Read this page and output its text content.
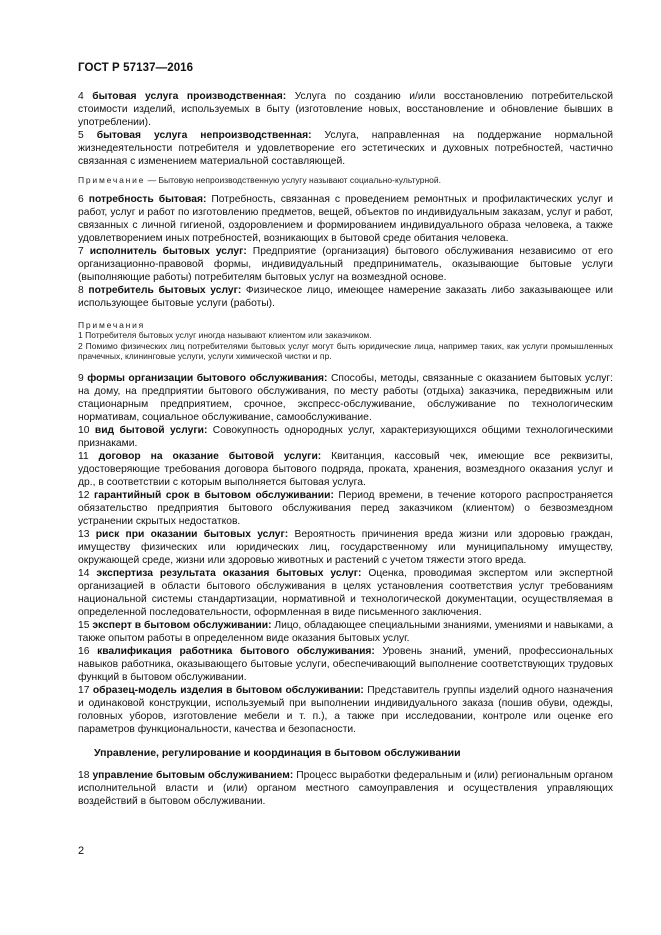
ГОСТ Р 57137—2016

4 бытовая услуга производственная: Услуга по созданию и/или восстановлению потребительской стоимости изделий, используемых в быту (изготовление новых, восстановление и обновление бывших в употреблении).

5 бытовая услуга непроизводственная: Услуга, направленная на поддержание нормальной жизнедеятельности потребителя и удовлетворение его эстетических и духовных потребностей, частично связанная с изменением материальной составляющей.

Примечание — Бытовую непроизводственную услугу называют социально-культурной.

6 потребность бытовая: Потребность, связанная с проведением ремонтных и профилактических услуг и работ, услуг и работ по изготовлению предметов, вещей, объектов по индивидуальным заказам, услуг и работ, связанных с личной гигиеной, оздоровлением и формированием индивидуального образа человека, а также удовлетворением иных потребностей, возникающих в бытовой среде обитания человека.

7 исполнитель бытовых услуг: Предприятие (организация) бытового обслуживания независимо от его организационно-правовой формы, индивидуальный предприниматель, оказывающие бытовые услуги (выполняющие работы) потребителям бытовых услуг на возмездной основе.

8 потребитель бытовых услуг: Физическое лицо, имеющее намерение заказать либо заказывающее или использующее бытовые услуги (работы).

Примечания

1 Потребителя бытовых услуг иногда называют клиентом или заказчиком.

2 Помимо физических лиц потребителями бытовых услуг могут быть юридические лица, например таких, как услуги промышленных прачечных, клининговые услуги, услуги химической чистки и пр.

9 формы организации бытового обслуживания: Способы, методы, связанные с оказанием бытовых услуг: на дому, на предприятии бытового обслуживания, по месту работы (отдыха) заказчика, передвижным или стационарным предприятием, срочное, экспресс-обслуживание, обслуживание по технологическим нормативам, социальное обслуживание, самообслуживание.

10 вид бытовой услуги: Совокупность однородных услуг, характеризующихся общими технологическими признаками.

11 договор на оказание бытовой услуги: Квитанция, кассовый чек, имеющие все реквизиты, удостоверяющие требования договора бытового подряда, проката, хранения, возмездного оказания услуг и др., в соответствии с которым выполняется бытовая услуга.

12 гарантийный срок в бытовом обслуживании: Период времени, в течение которого распространяется обязательство предприятия бытового обслуживания перед заказчиком (клиентом) о безвозмездном устранении скрытых недостатков.

13 риск при оказании бытовых услуг: Вероятность причинения вреда жизни или здоровью граждан, имуществу физических или юридических лиц, государственному или муниципальному имуществу, окружающей среде, жизни или здоровью животных и растений с учетом тяжести этого вреда.

14 экспертиза результата оказания бытовых услуг: Оценка, проводимая экспертом или экспертной организацией в области бытового обслуживания в целях установления соответствия услуг требованиям национальной системы стандартизации, нормативной и технологической документации, осуществляемая в определенной последовательности, оформленная в виде письменного заключения.

15 эксперт в бытовом обслуживании: Лицо, обладающее специальными знаниями, умениями и навыками, а также опытом работы в определенном виде оказания бытовых услуг.

16 квалификация работника бытового обслуживания: Уровень знаний, умений, профессиональных навыков работника, оказывающего бытовые услуги, обеспечивающий выполнение соответствующих трудовых функций в бытовом обслуживании.

17 образец-модель изделия в бытовом обслуживании: Представитель группы изделий одного назначения и одинаковой конструкции, используемый при выполнении индивидуального заказа (пошив обуви, одежды, головных уборов, изготовление мебели и т. п.), а также при исследовании, контроле или оценке его параметров функциональности, качества и безопасности.

Управление, регулирование и координация в бытовом обслуживании

18 управление бытовым обслуживанием: Процесс выработки федеральным и (или) региональным органом исполнительной власти и (или) органом местного самоуправления и осуществления управляющих воздействий в бытовом обслуживании.

2
